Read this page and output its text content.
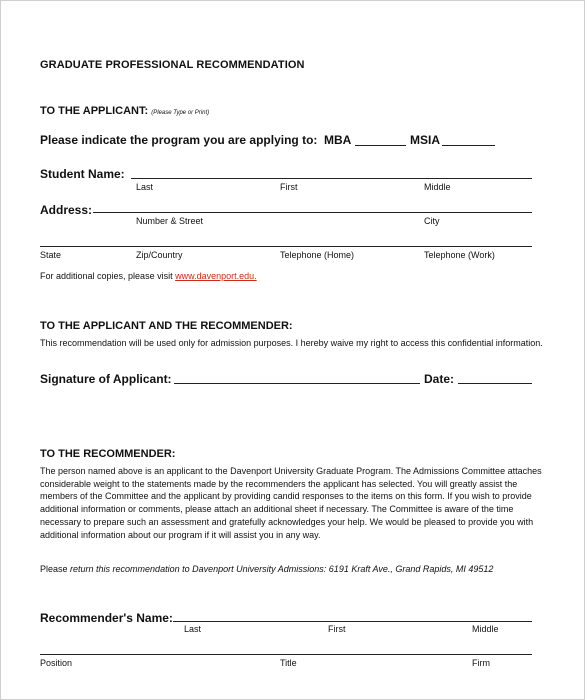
GRADUATE PROFESSIONAL RECOMMENDATION
TO THE APPLICANT: (Please Type or Print)
Please indicate the program you are applying to: MBA	MSIA
Student Name:
Last	First	Middle
Address:
Number & Street	City
State	Zip/Country	Telephone (Home)	Telephone (Work)
For additional copies, please visit www.davenport.edu.
TO THE APPLICANT AND THE RECOMMENDER:
This recommendation will be used only for admission purposes. I hereby waive my right to access this confidential information.
Signature of Applicant:	Date:
TO THE RECOMMENDER:
The person named above is an applicant to the Davenport University Graduate Program. The Admissions Committee attaches considerable weight to the statements made by the recommenders the applicant has selected. You will greatly assist the members of the Committee and the applicant by providing candid responses to the items on this form. If you wish to provide additional information or comments, please attach an additional sheet if necessary. The Committee is aware of the time necessary to prepare such an assessment and gratefully acknowledges your help. We would be pleased to provide you with additional information about our program if it will assist you in any way.
Please return this recommendation to Davenport University Admissions: 6191 Kraft Ave., Grand Rapids, MI 49512
Recommender's Name:
Last	First	Middle
Position	Title	Firm
